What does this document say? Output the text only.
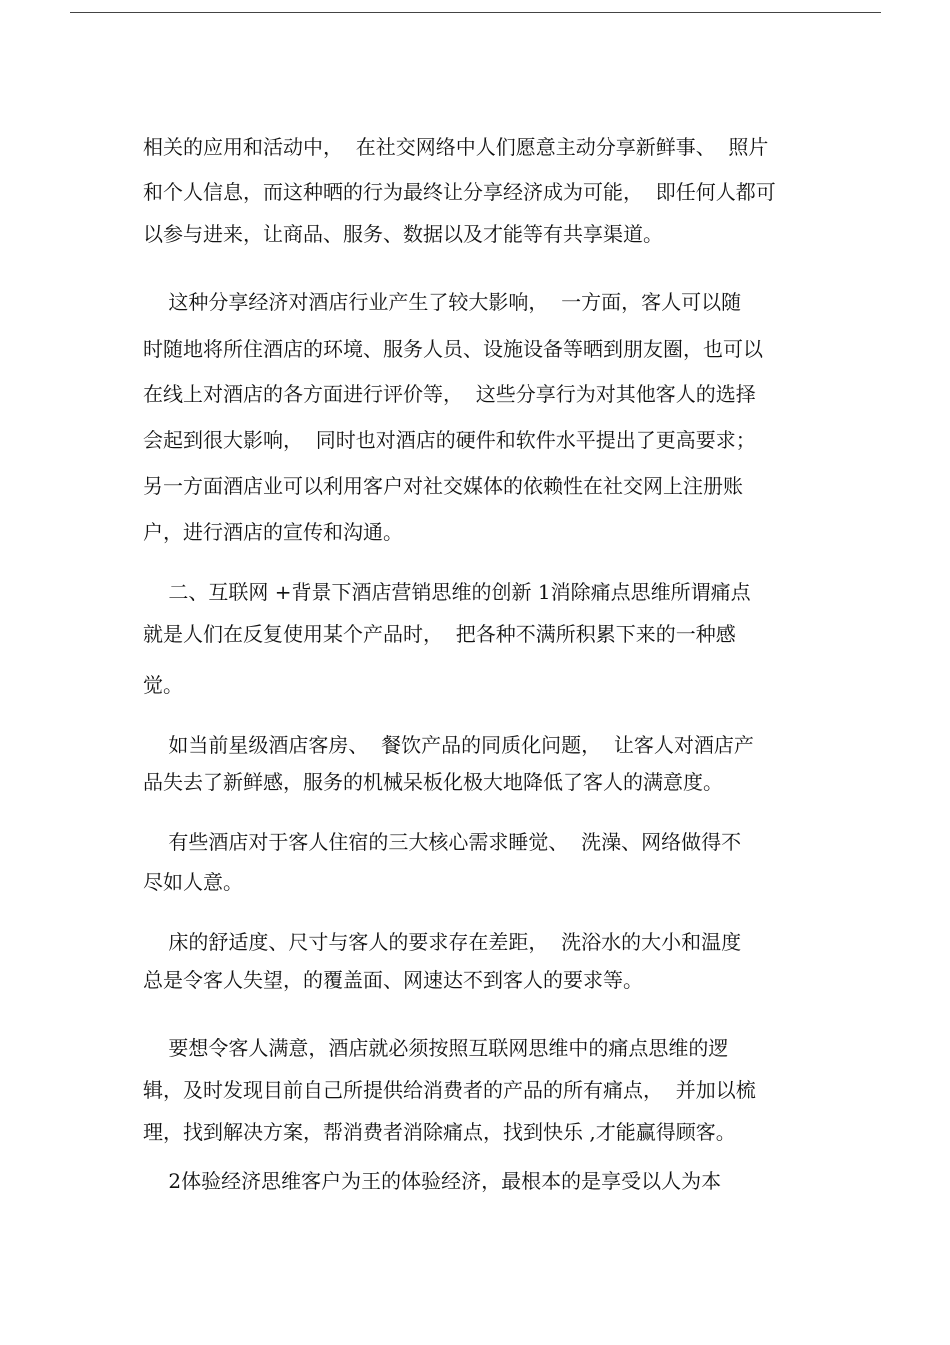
相关的应用和活动中，  在社交网络中人们愿意主动分享新鲜事、  照片
和个人信息，而这种晒的行为最终让分享经济成为可能，  即任何人都可
以参与进来，让商品、服务、数据以及才能等有共享渠道。
这种分享经济对酒店行业产生了较大影响，  一方面，客人可以随
时随地将所住酒店的环境、服务人员、设施设备等晒到朋友圈，也可以
在线上对酒店的各方面进行评价等，  这些分享行为对其他客人的选择
会起到很大影响，  同时也对酒店的硬件和软件水平提出了更高要求；
另一方面酒店业可以利用客户对社交媒体的依赖性在社交网上注册账
户，进行酒店的宣传和沟通。
二、互联网 +背景下酒店营销思维的创新 1消除痛点思维所谓痛点
就是人们在反复使用某个产品时，  把各种不满所积累下来的一种感
觉。
如当前星级酒店客房、  餐饮产品的同质化问题，  让客人对酒店产
品失去了新鲜感，服务的机械呆板化极大地降低了客人的满意度。
有些酒店对于客人住宿的三大核心需求睡觉、  洗澡、网络做得不
尽如人意。
床的舒适度、尺寸与客人的要求存在差距，  洗浴水的大小和温度
总是令客人失望，的覆盖面、网速达不到客人的要求等。
要想令客人满意，酒店就必须按照互联网思维中的痛点思维的逻
辑，及时发现目前自己所提供给消费者的产品的所有痛点，  并加以梳
理，找到解决方案，帮消费者消除痛点，找到快乐 ,才能赢得顾客。
2体验经济思维客户为王的体验经济，最根本的是享受以人为本
